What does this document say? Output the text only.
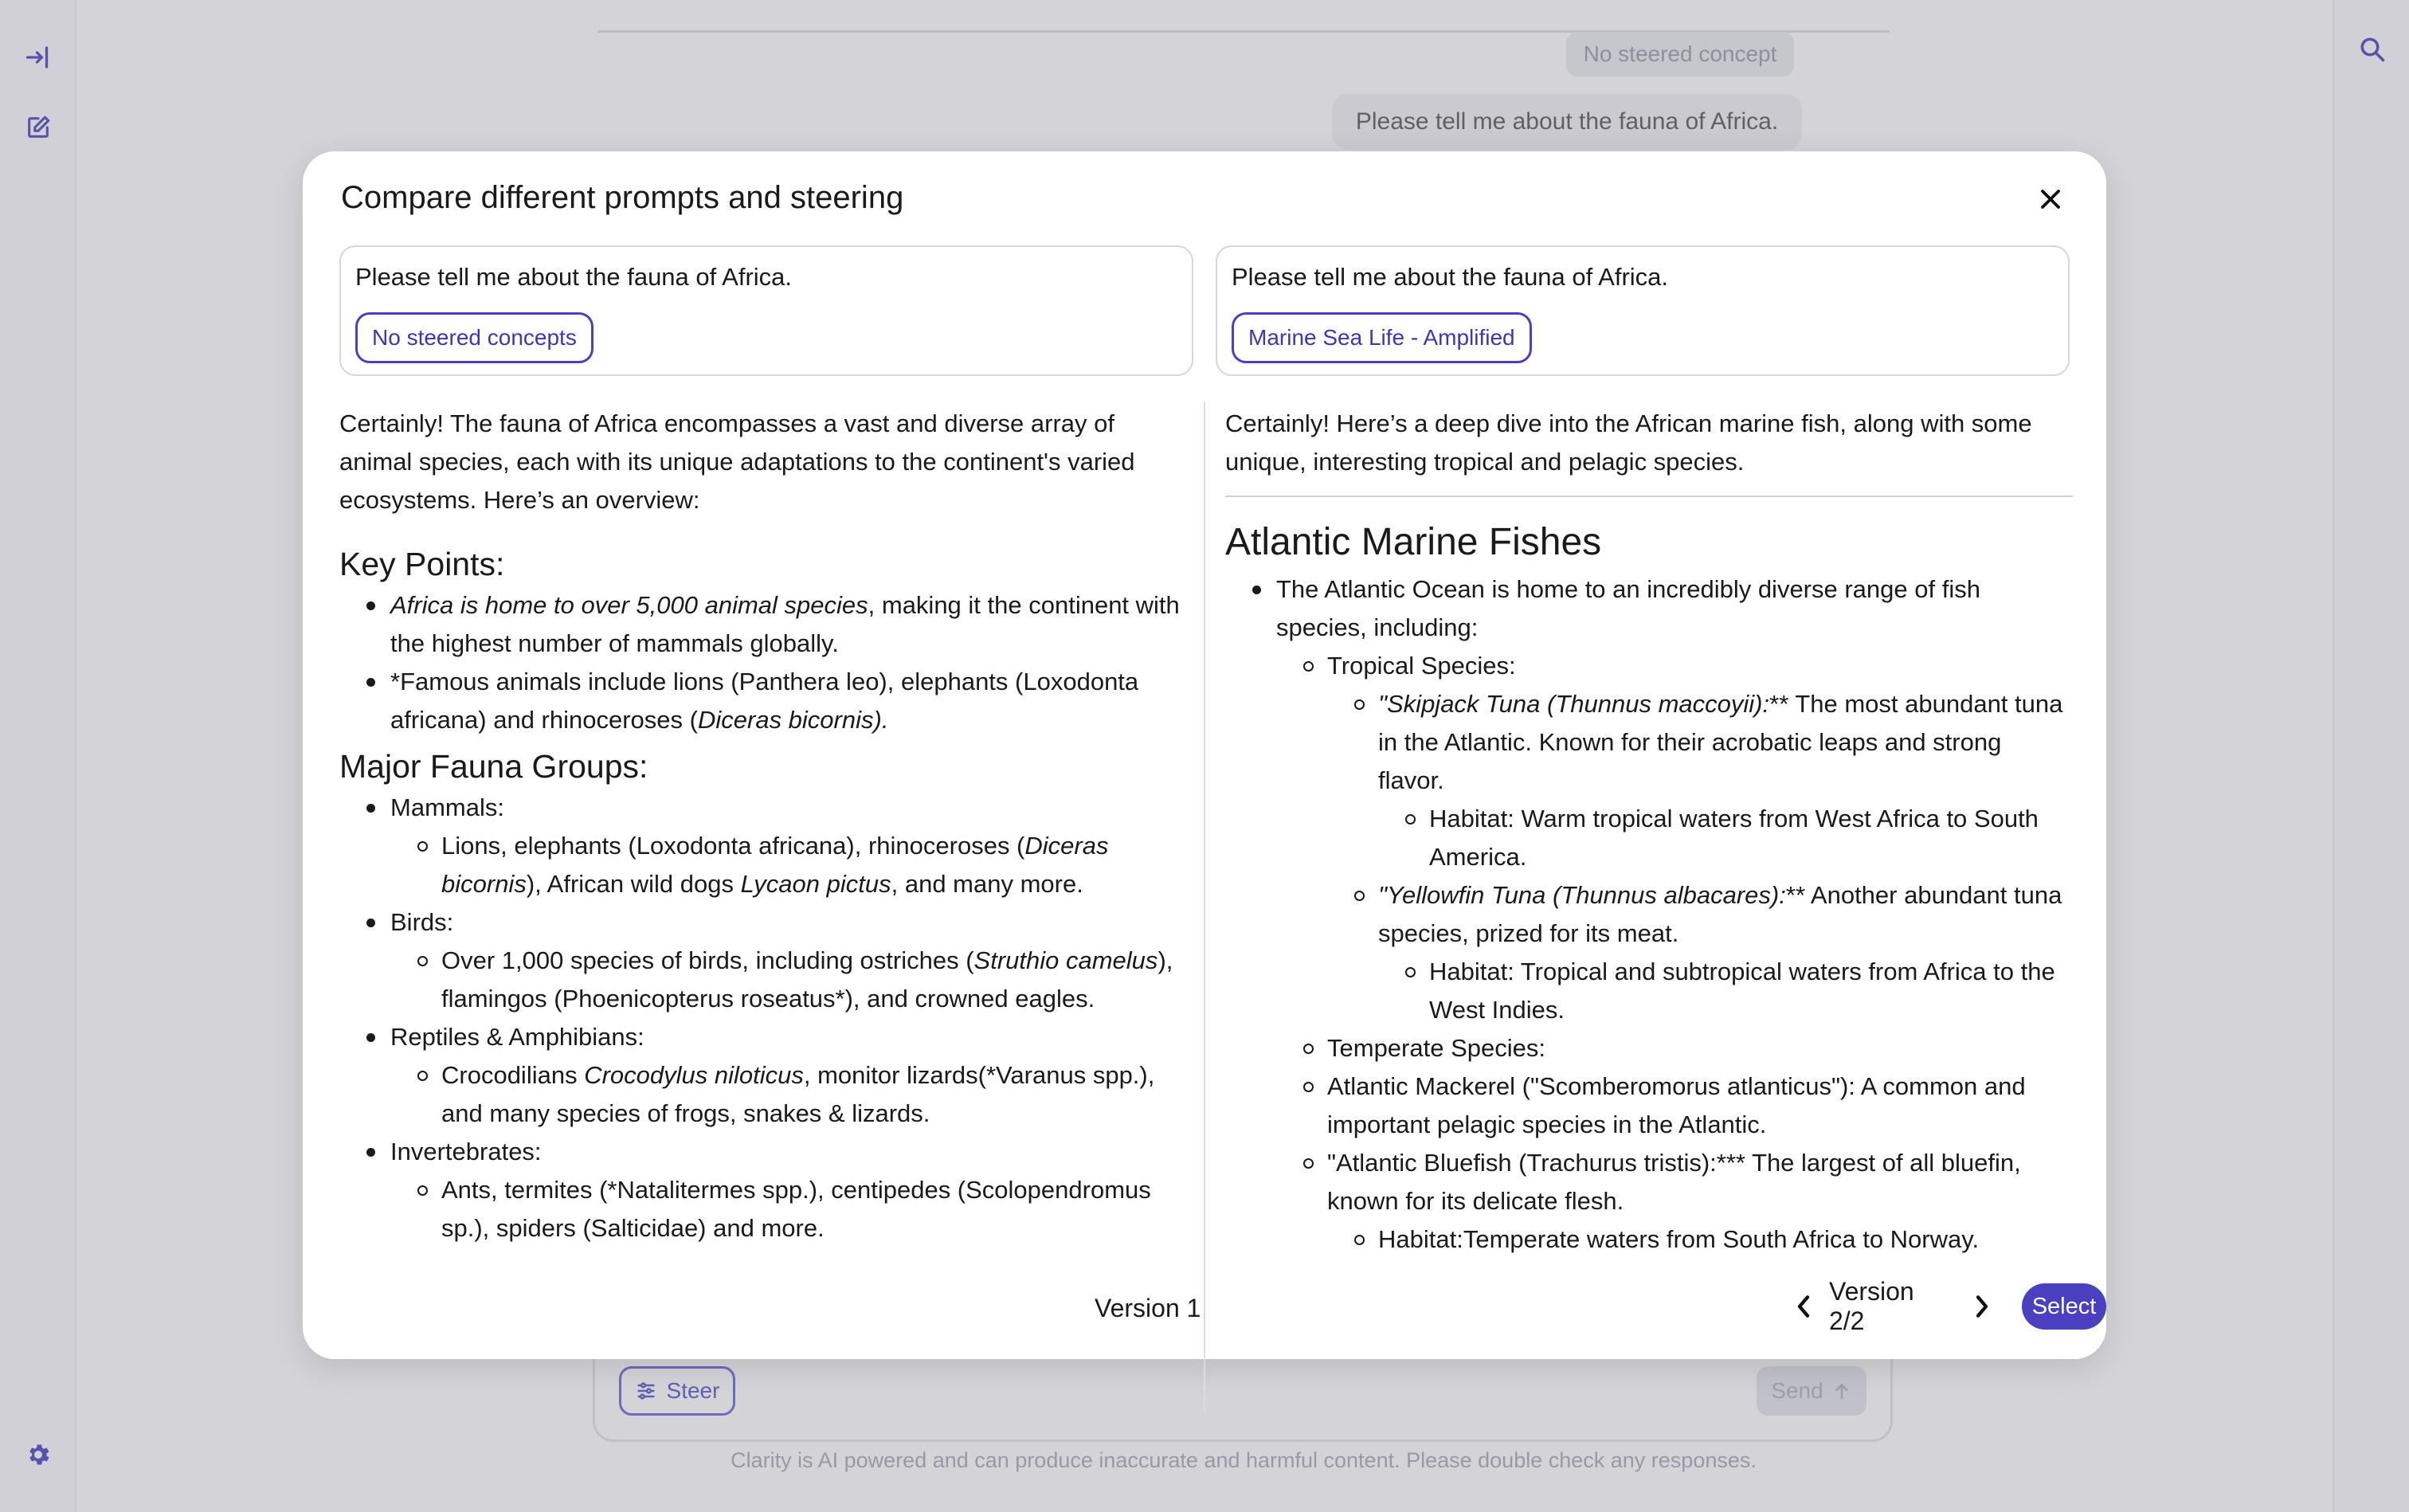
No steered concept
Please tell me about the fauna of Africa.
Steer	Send
Clarity is AI powered and can produce inaccurate and harmful content. Please double check any responses.
Compare different prompts and steering
Please tell me about the fauna of Africa.
No steered concepts
Please tell me about the fauna of Africa.
Marine Sea Life - Amplified

Certainly! The fauna of Africa encompasses a vast and diverse array of animal species, each with its unique adaptations to the continent's varied ecosystems. Here’s an overview:

Key Points:
Africa is home to over 5,000 animal species, making it the continent with the highest number of mammals globally.
*Famous animals include lions (Panthera leo), elephants (Loxodonta africana) and rhinoceroses (Diceras bicornis).
Major Fauna Groups:
Mammals:
Lions, elephants (Loxodonta africana), rhinoceroses (Diceras bicornis), African wild dogs Lycaon pictus, and many more.
Birds:
Over 1,000 species of birds, including ostriches (Struthio camelus), flamingos (Phoenicopterus roseatus*), and crowned eagles.
Reptiles & Amphibians:
Crocodilians Crocodylus niloticus, monitor lizards(*Varanus spp.), and many species of frogs, snakes & lizards.
Invertebrates:
Ants, termites (*Natalitermes spp.), centipedes (Scolopendromus sp.), spiders (Salticidae) and more.

Certainly! Here’s a deep dive into the African marine fish, along with some unique, interesting tropical and pelagic species.

Atlantic Marine Fishes
The Atlantic Ocean is home to an incredibly diverse range of fish species, including:
Tropical Species:
"Skipjack Tuna (Thunnus maccoyii):** The most abundant tuna in the Atlantic. Known for their acrobatic leaps and strong flavor.
Habitat: Warm tropical waters from West Africa to South America.
"Yellowfin Tuna (Thunnus albacares):** Another abundant tuna species, prized for its meat.
Habitat: Tropical and subtropical waters from Africa to the West Indies.
Temperate Species:
Atlantic Mackerel ("Scomberomorus atlanticus"): A common and important pelagic species in the Atlantic.
"Atlantic Bluefish (Trachurus tristis):*** The largest of all bluefin, known for its delicate flesh.
Habitat:Temperate waters from South Africa to Norway.
Version 1
Version 2/2
Select
